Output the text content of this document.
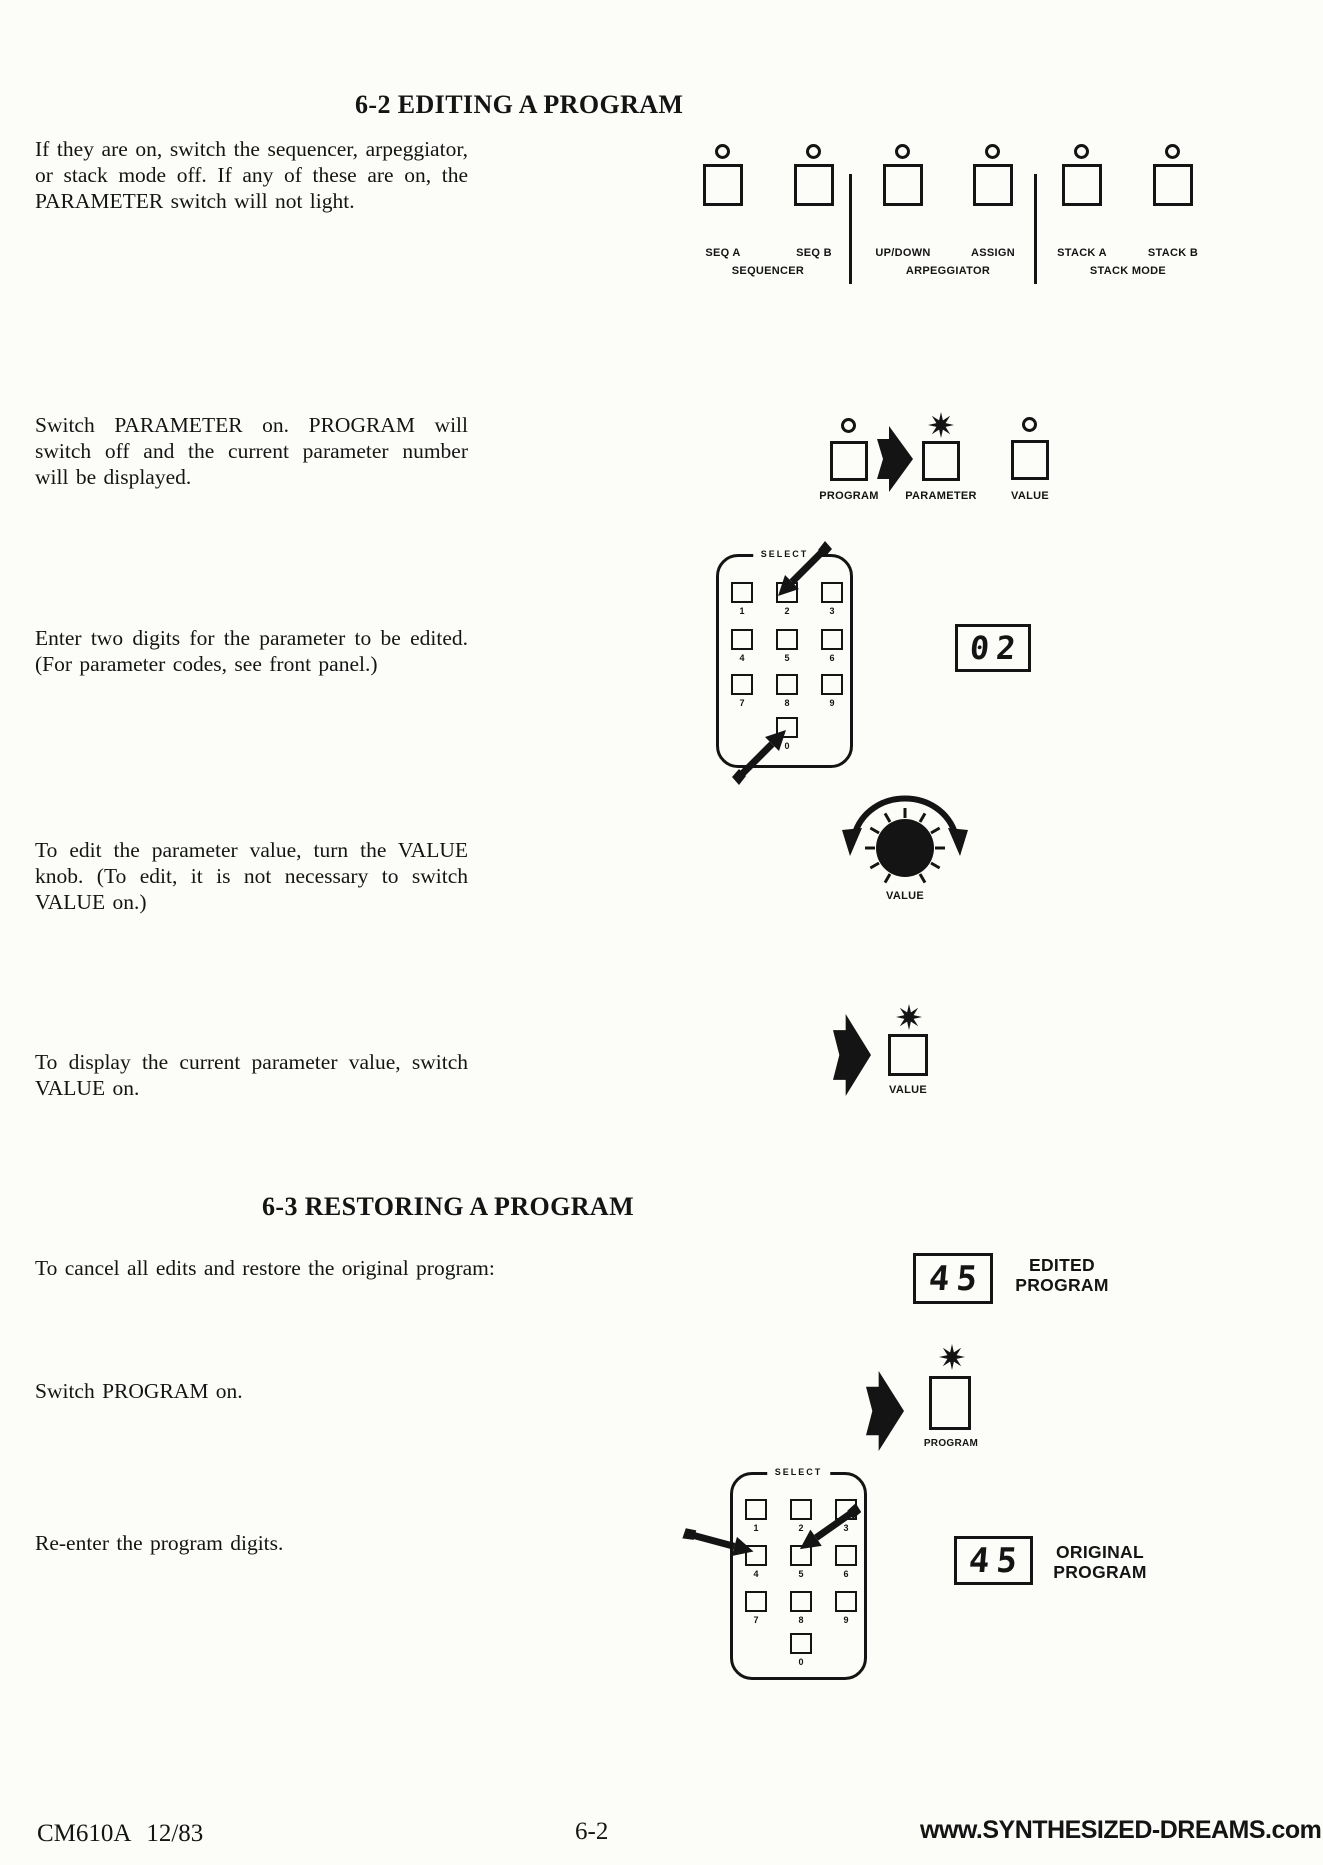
6-2 EDITING A PROGRAM

If they are on, switch the sequencer, arpeggiator, or stack mode off. If any of these are on, the PARAMETER switch will not light.

SEQ A	SEQ B	UP/DOWN	ASSIGN	STACK A	STACK B
SEQUENCER	ARPEGGIATOR	STACK MODE

Switch PARAMETER on. PROGRAM will switch off and the current parameter number will be displayed.

PROGRAM	PARAMETER	VALUE

Enter two digits for the parameter to be edited. (For parameter codes, see front panel.)

SELECT
1	2	3
4	5	6
7	8	9
0
02

To edit the parameter value, turn the VALUE knob. (To edit, it is not necessary to switch VALUE on.)	VALUE

To display the current parameter value, switch VALUE on.	VALUE
6-3 RESTORING A PROGRAM

To cancel all edits and restore the original program:	45	EDITED
PROGRAM

Switch PROGRAM on.

PROGRAM
SELECT
1	2	3
4	5	6
7	8	9
0
45	ORIGINAL
PROGRAM

Re-enter the program digits.

CM610A 12/83	6-2	www.SYNTHESIZED-DREAMS.com
